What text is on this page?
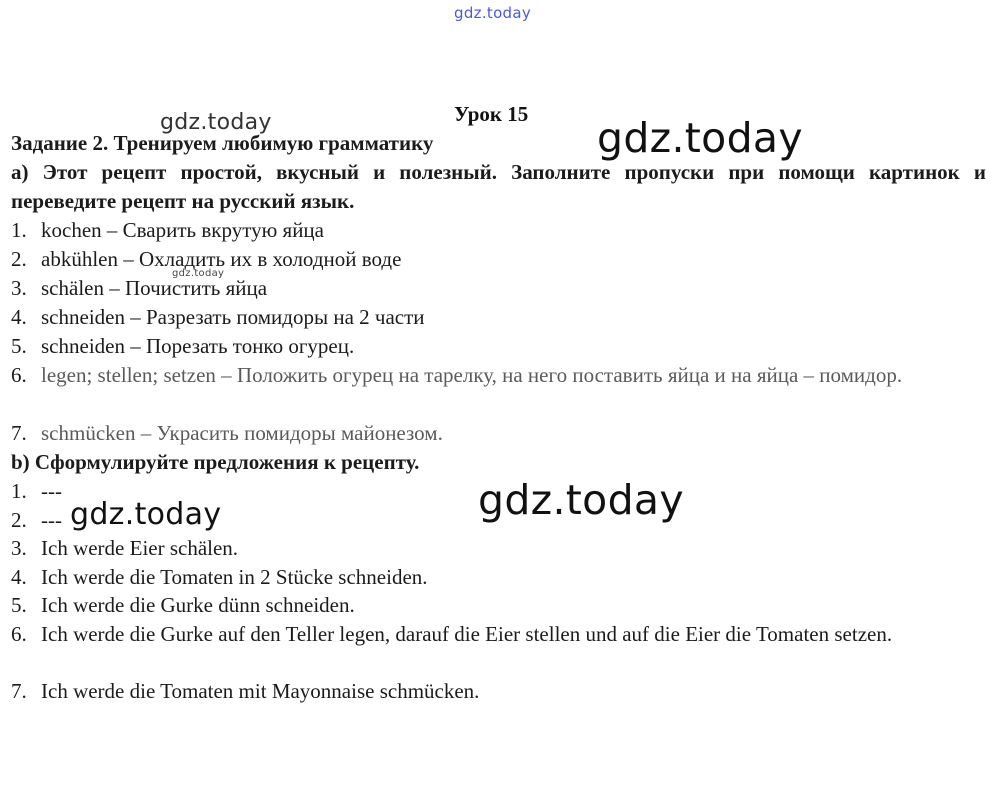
gdz.today
gdz.today	gdz.today
gdz.today
gdz.today
gdz.today
Урок 15
Задание 2. Тренируем любимую грамматику
а) Этот рецепт простой, вкусный и полезный. Заполните пропуски при помощи картинок и переведите рецепт на русский язык.
1. kochen – Сварить вкрутую яйца
2. abkühlen – Охладить их в холодной воде
3. schälen – Почистить яйца
4. schneiden – Разрезать помидоры на 2 части
5. schneiden – Порезать тонко огурец.
6. legen; stellen; setzen – Положить огурец на тарелку, на него поставить яйца и на яйца – помидор.
7. schmücken – Украсить помидоры майонезом.
b) Сформулируйте предложения к рецепту.
1. ---
2. ---
3. Ich werde Eier schälen.
4. Ich werde die Tomaten in 2 Stücke schneiden.
5. Ich werde die Gurke dünn schneiden.
6. Ich werde die Gurke auf den Teller legen, darauf die Eier stellen und auf die Eier die Tomaten setzen.
7. Ich werde die Tomaten mit Mayonnaise schmücken.
